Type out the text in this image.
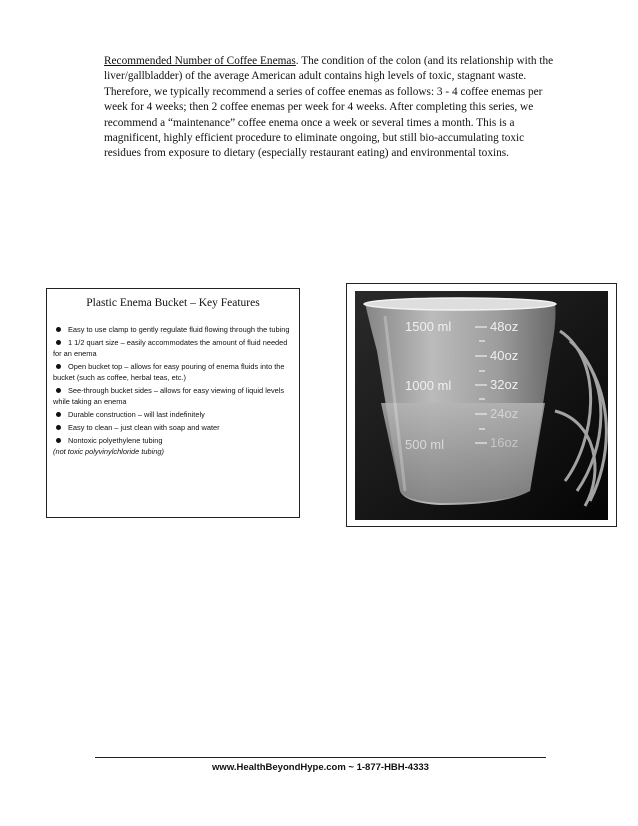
Recommended Number of Coffee Enemas. The condition of the colon (and its relationship with the liver/gallbladder) of the average American adult contains high levels of toxic, stagnant waste. Therefore, we typically recommend a series of coffee enemas as follows: 3 - 4 coffee enemas per week for 4 weeks; then 2 coffee enemas per week for 4 weeks. After completing this series, we recommend a “maintenance” coffee enema once a week or several times a month. This is a magnificent, highly efficient procedure to eliminate ongoing, but still bio-accumulating toxic residues from exposure to dietary (especially restaurant eating) and environmental toxins.

Plastic Enema Bucket – Key Features
Easy to use clamp to gently regulate fluid flowing through the tubing
1 1/2 quart size – easily accommodates the amount of fluid needed for an enema
Open bucket top – allows for easy pouring of enema fluids into the bucket (such as coffee, herbal teas, etc.)
See-through bucket sides – allows for easy viewing of liquid levels while taking an enema
Durable construction – will last indefinitely
Easy to clean – just clean with soap and water
Nontoxic polyethylene tubing
(not toxic polyvinylchloride tubing)
1500 ml
1000 ml
500 ml
48oz
40oz
32oz
24oz
16oz
www.HealthBeyondHype.com ~ 1-877-HBH-4333
